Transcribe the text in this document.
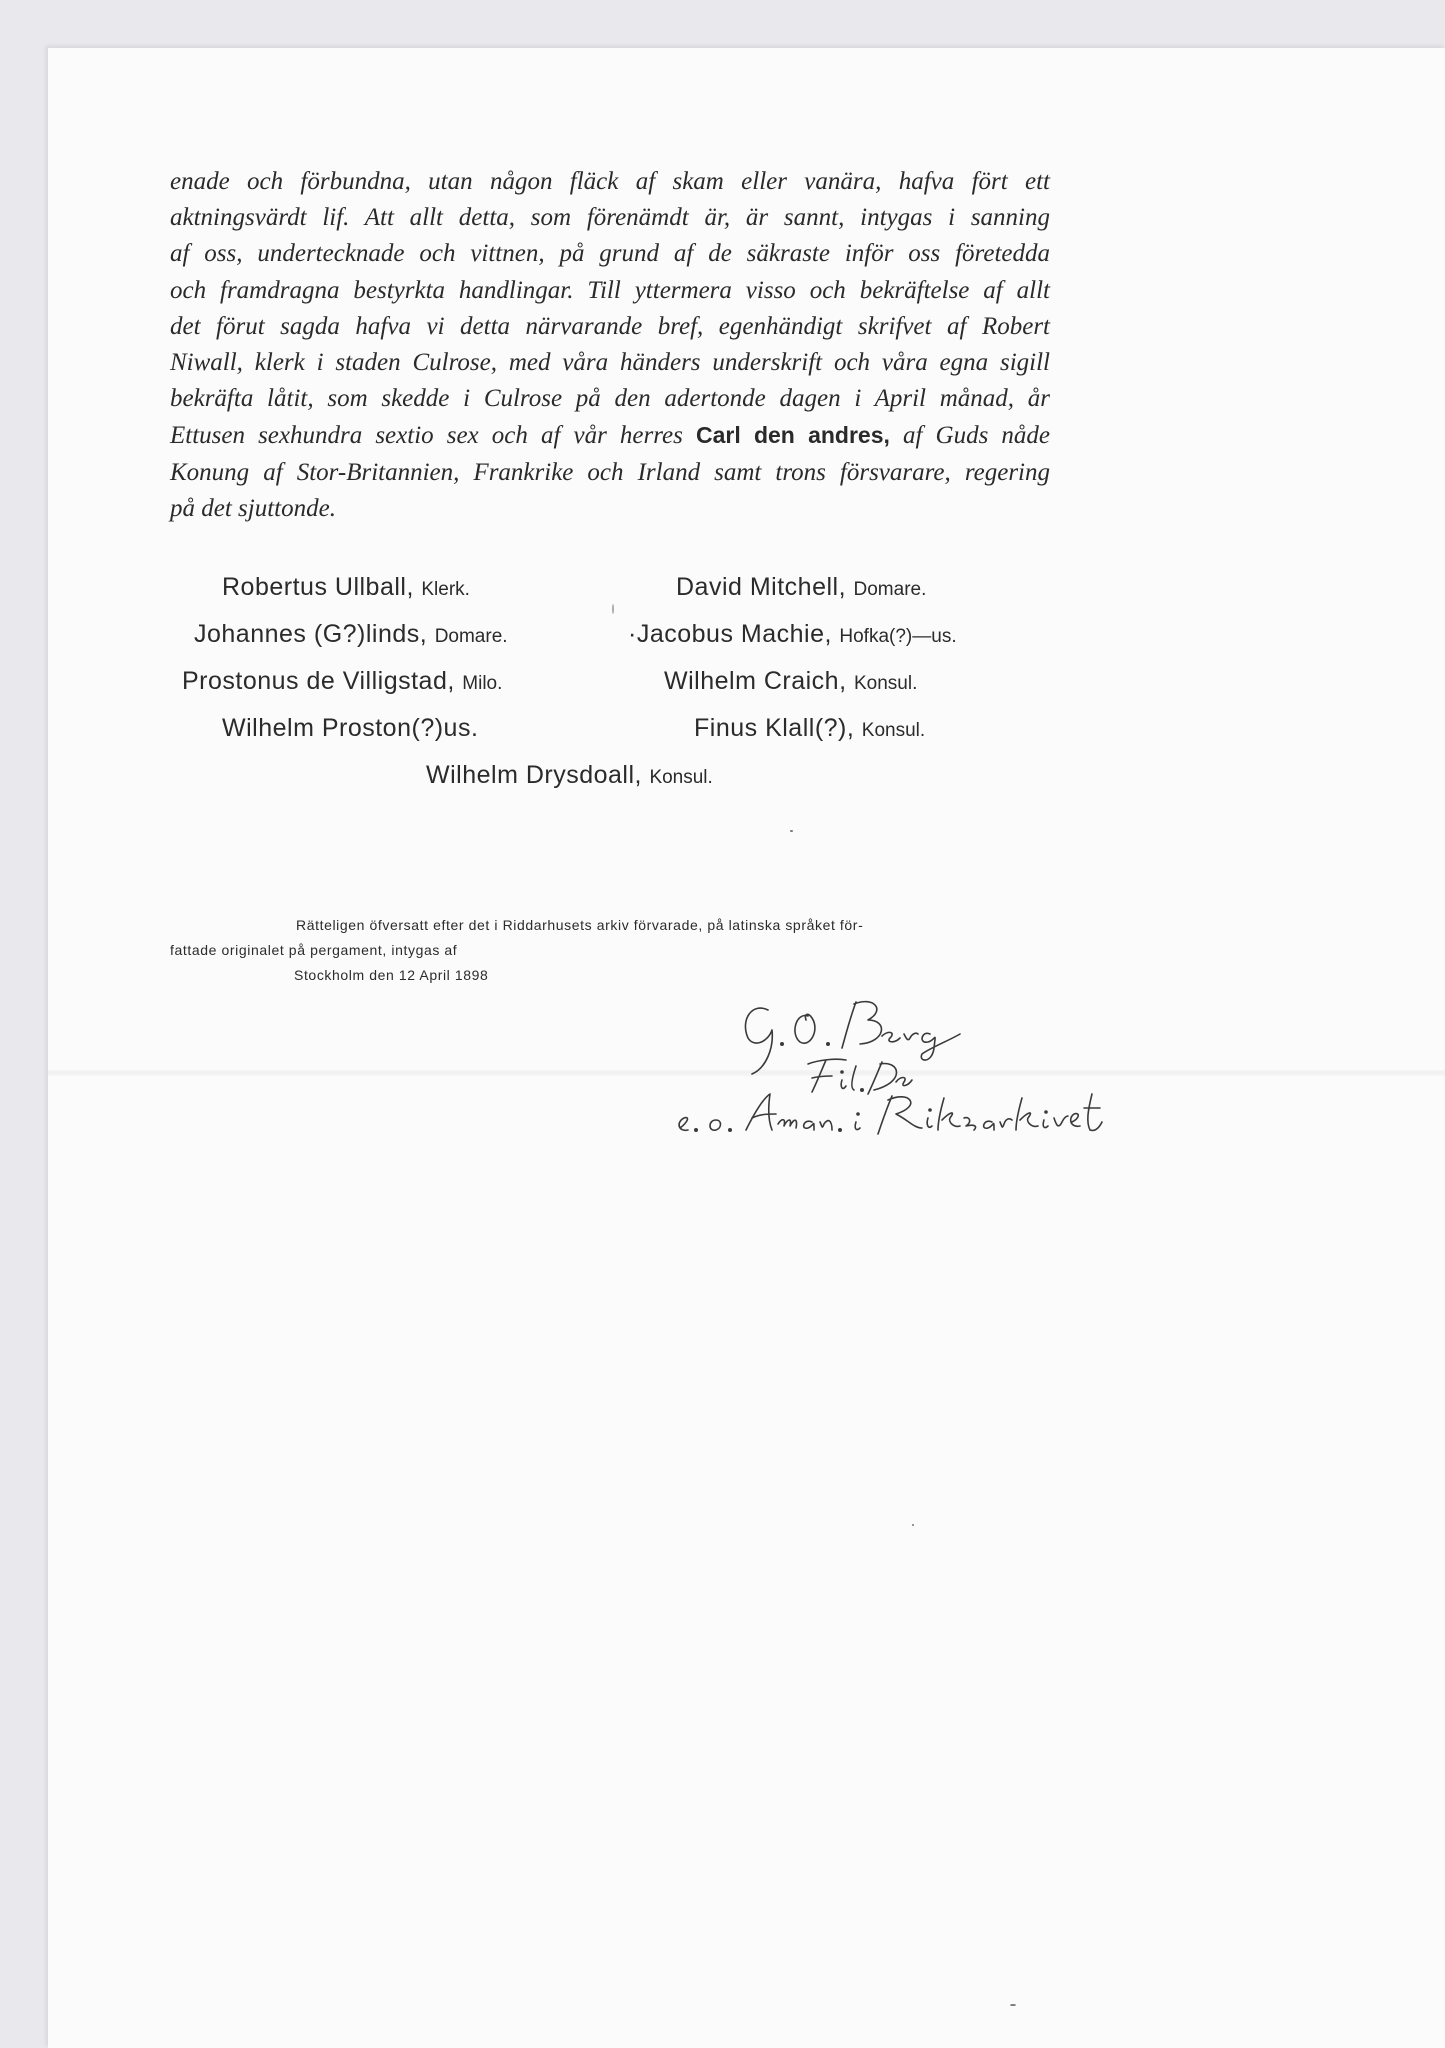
enade och förbundna, utan någon fläck af skam eller vanära, hafva fört ett
aktningsvärdt lif. Att allt detta, som förenämdt är, är sannt, intygas i sanning
af oss, undertecknade och vittnen, på grund af de säkraste inför oss företedda
och framdragna bestyrkta handlingar. Till yttermera visso och bekräftelse af allt
det förut sagda hafva vi detta närvarande bref, egenhändigt skrifvet af Robert
Niwall, klerk i staden Culrose, med våra händers underskrift och våra egna sigill
bekräfta låtit, som skedde i Culrose på den adertonde dagen i April månad, år
Ettusen sexhundra sextio sex och af vår herres Carl den andres, af Guds nåde
Konung af Stor-Britannien, Frankrike och Irland samt trons försvarare, regering
på det sjuttonde.
Robertus Ullball, Klerk.	David Mitchell, Domare.
Johannes (G?)linds, Domare.	·Jacobus Machie, Hofka(?)—us.
Prostonus de Villigstad, Milo.	Wilhelm Craich, Konsul.
Wilhelm Proston(?)us.	Finus Klall(?), Konsul.
Wilhelm Drysdoall, Konsul.
Rätteligen öfversatt efter det i Riddarhusets arkiv förvarade, på latinska språket för-
fattade originalet på pergament, intygas af
Stockholm den 12 April 1898
